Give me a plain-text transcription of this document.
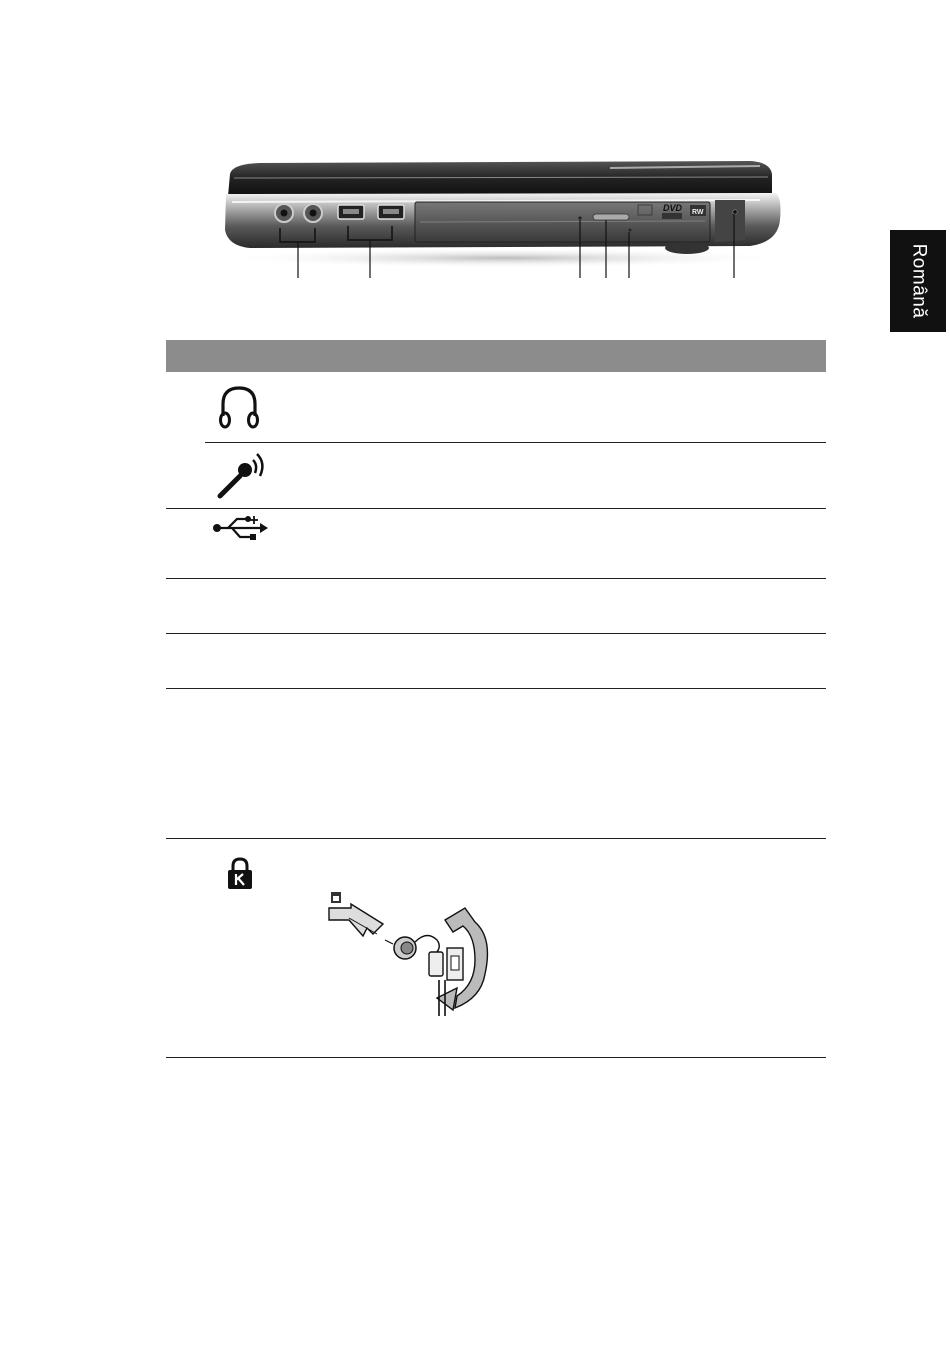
DVD RW
Română
